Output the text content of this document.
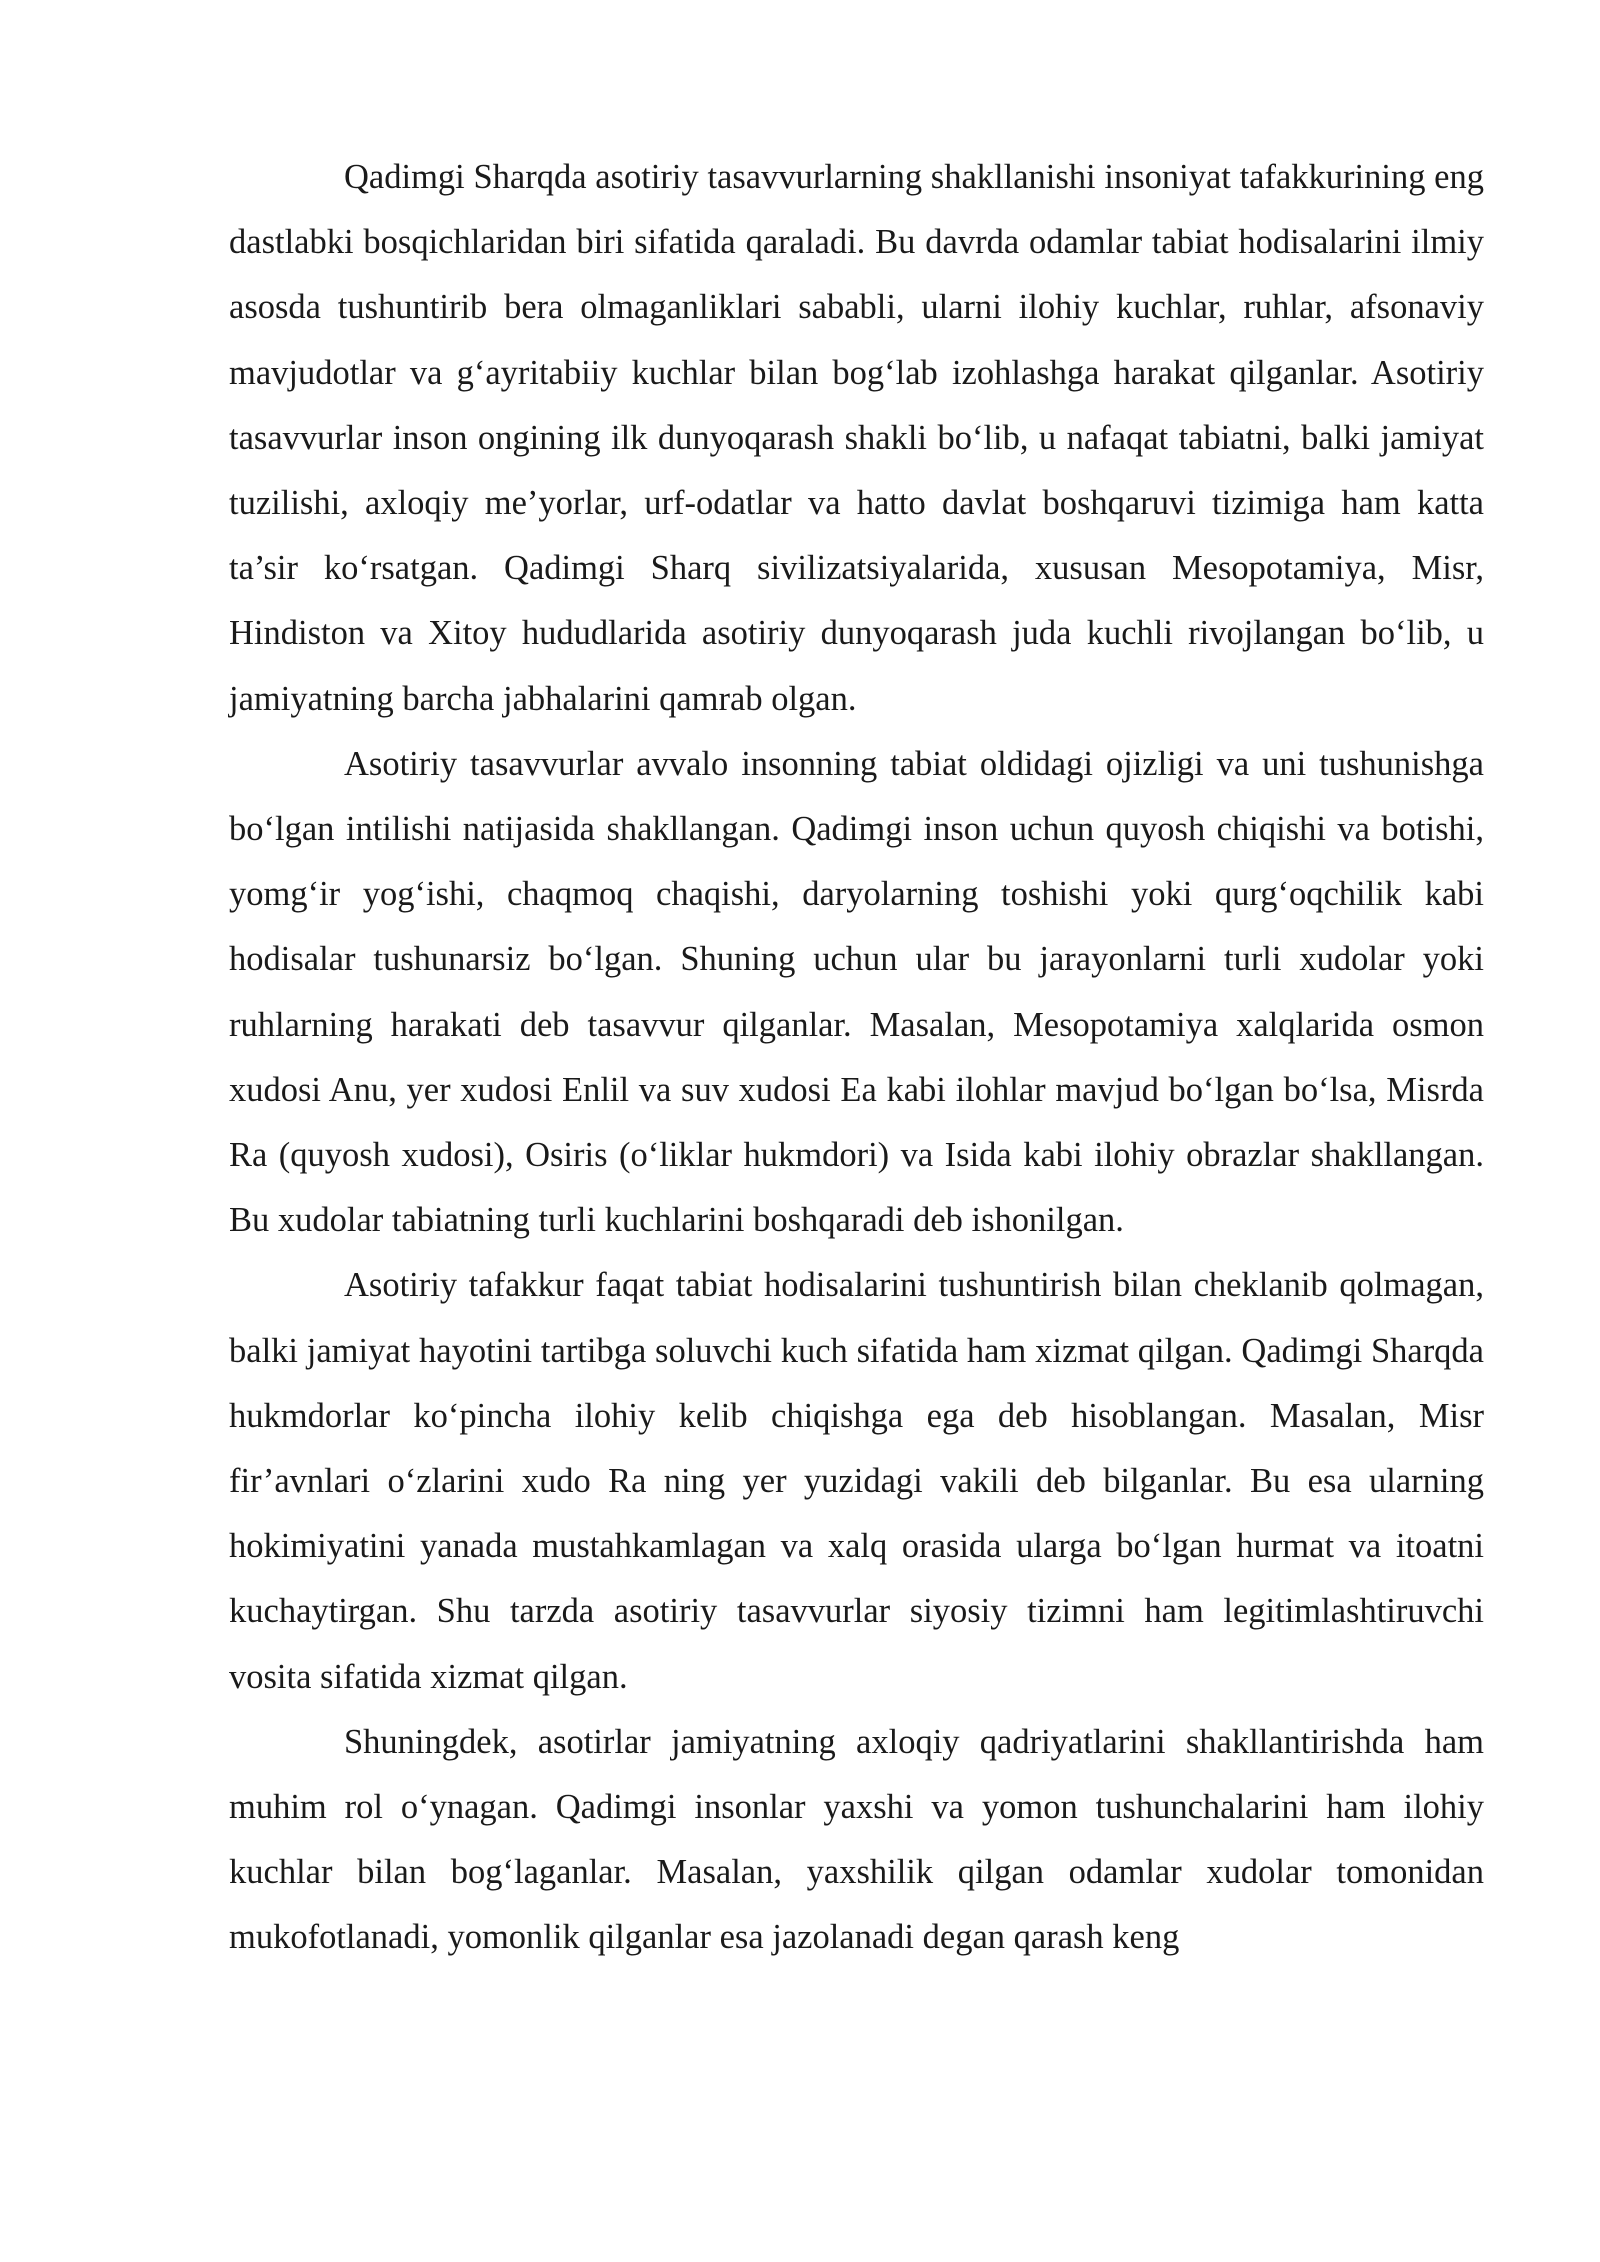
Qadimgi Sharqda asotiriy tasavvurlarning shakllanishi insoniyat tafakkurining eng dastlabki bosqichlaridan biri sifatida qaraladi. Bu davrda odamlar tabiat hodisalarini ilmiy asosda tushuntirib bera olmaganliklari sababli, ularni ilohiy kuchlar, ruhlar, afsonaviy mavjudotlar va g‘ayritabiiy kuchlar bilan bog‘lab izohlashga harakat qilganlar. Asotiriy tasavvurlar inson ongining ilk dunyoqarash shakli bo‘lib, u nafaqat tabiatni, balki jamiyat tuzilishi, axloqiy me’yorlar, urf-odatlar va hatto davlat boshqaruvi tizimiga ham katta ta’sir ko‘rsatgan. Qadimgi Sharq sivilizatsiyalarida, xususan Mesopotamiya, Misr, Hindiston va Xitoy hududlarida asotiriy dunyoqarash juda kuchli rivojlangan bo‘lib, u jamiyatning barcha jabhalarini qamrab olgan.

Asotiriy tasavvurlar avvalo insonning tabiat oldidagi ojizligi va uni tushunishga bo‘lgan intilishi natijasida shakllangan. Qadimgi inson uchun quyosh chiqishi va botishi, yomg‘ir yog‘ishi, chaqmoq chaqishi, daryolarning toshishi yoki qurg‘oqchilik kabi hodisalar tushunarsiz bo‘lgan. Shuning uchun ular bu jarayonlarni turli xudolar yoki ruhlarning harakati deb tasavvur qilganlar. Masalan, Mesopotamiya xalqlarida osmon xudosi Anu, yer xudosi Enlil va suv xudosi Ea kabi ilohlar mavjud bo‘lgan bo‘lsa, Misrda Ra (quyosh xudosi), Osiris (o‘liklar hukmdori) va Isida kabi ilohiy obrazlar shakllangan. Bu xudolar tabiatning turli kuchlarini boshqaradi deb ishonilgan.

Asotiriy tafakkur faqat tabiat hodisalarini tushuntirish bilan cheklanib qolmagan, balki jamiyat hayotini tartibga soluvchi kuch sifatida ham xizmat qilgan. Qadimgi Sharqda hukmdorlar ko‘pincha ilohiy kelib chiqishga ega deb hisoblangan. Masalan, Misr fir’avnlari o‘zlarini xudo Ra ning yer yuzidagi vakili deb bilganlar. Bu esa ularning hokimiyatini yanada mustahkamlagan va xalq orasida ularga bo‘lgan hurmat va itoatni kuchaytirgan. Shu tarzda asotiriy tasavvurlar siyosiy tizimni ham legitimlashtiruvchi vosita sifatida xizmat qilgan.

Shuningdek, asotirlar jamiyatning axloqiy qadriyatlarini shakllantirishda ham muhim rol o‘ynagan. Qadimgi insonlar yaxshi va yomon tushunchalarini ham ilohiy kuchlar bilan bog‘laganlar. Masalan, yaxshilik qilgan odamlar xudolar tomonidan mukofotlanadi, yomonlik qilganlar esa jazolanadi degan qarash keng
